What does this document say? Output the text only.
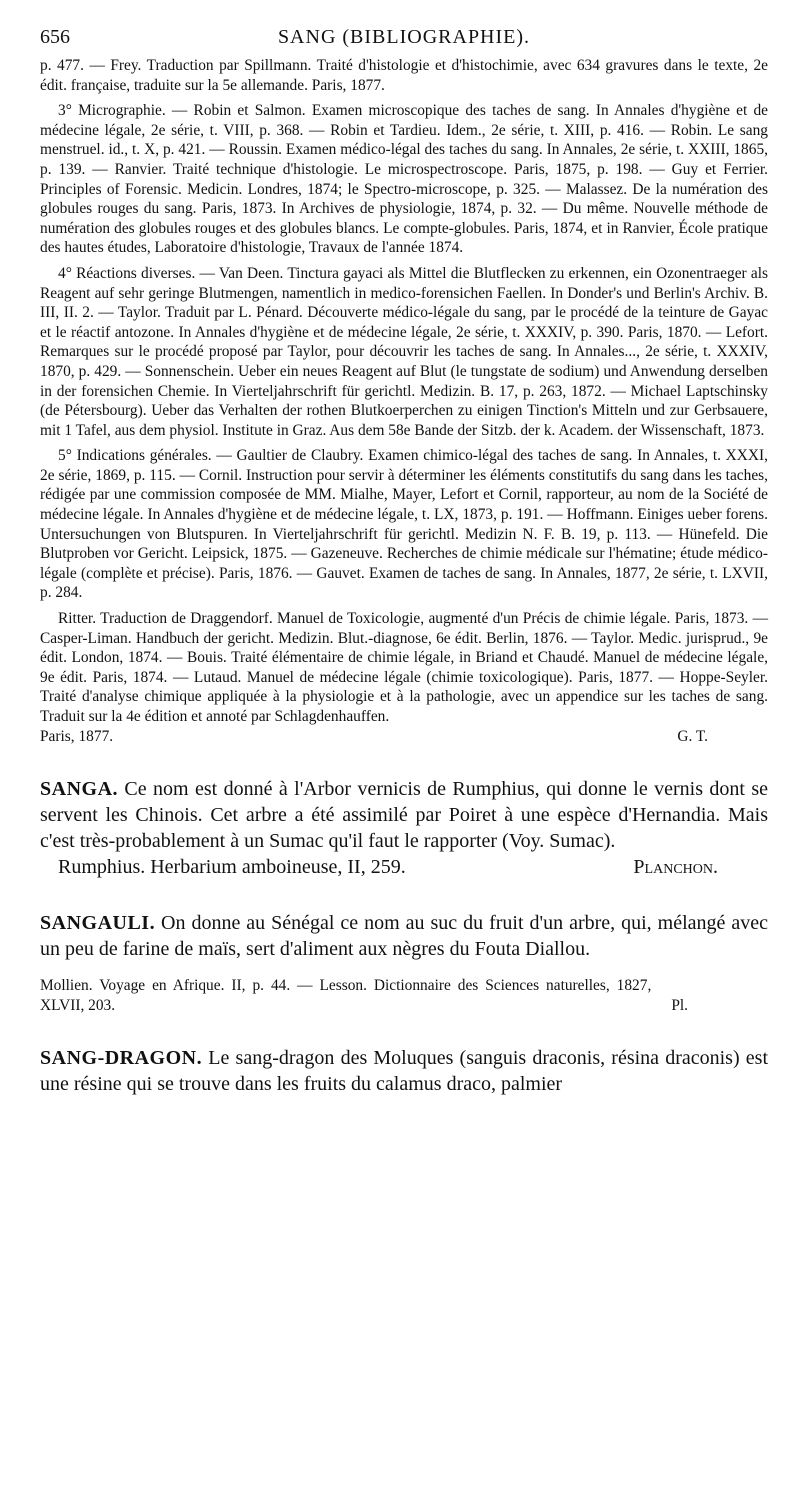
656	SANG (BIBLIOGRAPHIE).

p. 477. — Frey. Traduction par Spillmann. Traité d'histologie et d'histochimie, avec 634 gravures dans le texte, 2e édit. française, traduite sur la 5e allemande. Paris, 1877.

3° Micrographie. — Robin et Salmon. Examen microscopique des taches de sang. In Annales d'hygiène et de médecine légale, 2e série, t. VIII, p. 368. — Robin et Tardieu. Idem., 2e série, t. XIII, p. 416. — Robin. Le sang menstruel. id., t. X, p. 421. — Roussin. Examen médico-légal des taches du sang. In Annales, 2e série, t. XXIII, 1865, p. 139. — Ranvier. Traité technique d'histologie. Le microspectroscope. Paris, 1875, p. 198. — Guy et Ferrier. Principles of Forensic. Medicin. Londres, 1874; le Spectro-microscope, p. 325. — Malassez. De la numération des globules rouges du sang. Paris, 1873. In Archives de physiologie, 1874, p. 32. — Du même. Nouvelle méthode de numération des globules rouges et des globules blancs. Le compte-globules. Paris, 1874, et in Ranvier, École pratique des hautes études, Laboratoire d'histologie, Travaux de l'année 1874.

4° Réactions diverses. — Van Deen. Tinctura gayaci als Mittel die Blutflecken zu erkennen, ein Ozonentraeger als Reagent auf sehr geringe Blutmengen, namentlich in medico-forensichen Faellen. In Donder's und Berlin's Archiv. B. III, II. 2. — Taylor. Traduit par L. Pénard. Découverte médico-légale du sang, par le procédé de la teinture de Gayac et le réactif antozone. In Annales d'hygiène et de médecine légale, 2e série, t. XXXIV, p. 390. Paris, 1870. — Lefort. Remarques sur le procédé proposé par Taylor, pour découvrir les taches de sang. In Annales..., 2e série, t. XXXIV, 1870, p. 429. — Sonnenschein. Ueber ein neues Reagent auf Blut (le tungstate de sodium) und Anwendung derselben in der forensichen Chemie. In Vierteljahrschrift für gerichtl. Medizin. B. 17, p. 263, 1872. — Michael Laptschinsky (de Pétersbourg). Ueber das Verhalten der rothen Blutkoerperchen zu einigen Tinction's Mitteln und zur Gerbsauere, mit 1 Tafel, aus dem physiol. Institute in Graz. Aus dem 58e Bande der Sitzb. der k. Academ. der Wissenschaft, 1873.

5° Indications générales. — Gaultier de Claubry. Examen chimico-légal des taches de sang. In Annales, t. XXXI, 2e série, 1869, p. 115. — Cornil. Instruction pour servir à déterminer les éléments constitutifs du sang dans les taches, rédigée par une commission composée de MM. Mialhe, Mayer, Lefort et Cornil, rapporteur, au nom de la Société de médecine légale. In Annales d'hygiène et de médecine légale, t. LX, 1873, p. 191. — Hoffmann. Einiges ueber forens. Untersuchungen von Blutspuren. In Vierteljahrschrift für gerichtl. Medizin N. F. B. 19, p. 113. — Hünefeld. Die Blutproben vor Gericht. Leipsick, 1875. — Gazeneuve. Recherches de chimie médicale sur l'hématine; étude médico-légale (complète et précise). Paris, 1876. — Gauvet. Examen de taches de sang. In Annales, 1877, 2e série, t. LXVII, p. 284.

Ritter. Traduction de Draggendorf. Manuel de Toxicologie, augmenté d'un Précis de chimie légale. Paris, 1873. — Casper-Liman. Handbuch der gericht. Medizin. Blut.-diagnose, 6e édit. Berlin, 1876. — Taylor. Medic. jurisprud., 9e édit. London, 1874. — Bouis. Traité élémentaire de chimie légale, in Briand et Chaudé. Manuel de médecine légale, 9e édit. Paris, 1874. — Lutaud. Manuel de médecine légale (chimie toxicologique). Paris, 1877. — Hoppe-Seyler. Traité d'analyse chimique appliquée à la physiologie et à la pathologie, avec un appendice sur les taches de sang. Traduit sur la 4e édition et annoté par Schlagdenhauffen.

Paris, 1877.	G. T.

SANGA. Ce nom est donné à l'Arbor vernicis de Rumphius, qui donne le vernis dont se servent les Chinois. Cet arbre a été assimilé par Poiret à une espèce d'Hernandia. Mais c'est très-probablement à un Sumac qu'il faut le rapporter (Voy. Sumac).

Rumphius. Herbarium amboineuse, II, 259.	Planchon.

SANGAULI. On donne au Sénégal ce nom au suc du fruit d'un arbre, qui, mélangé avec un peu de farine de maïs, sert d'aliment aux nègres du Fouta Diallou.

Mollien. Voyage en Afrique. II, p. 44. — Lesson. Dictionnaire des Sciences naturelles, 1827, XLVII, 203.	Pl.

SANG-DRAGON. Le sang-dragon des Moluques (sanguis draconis, résina draconis) est une résine qui se trouve dans les fruits du calamus draco, palmier
